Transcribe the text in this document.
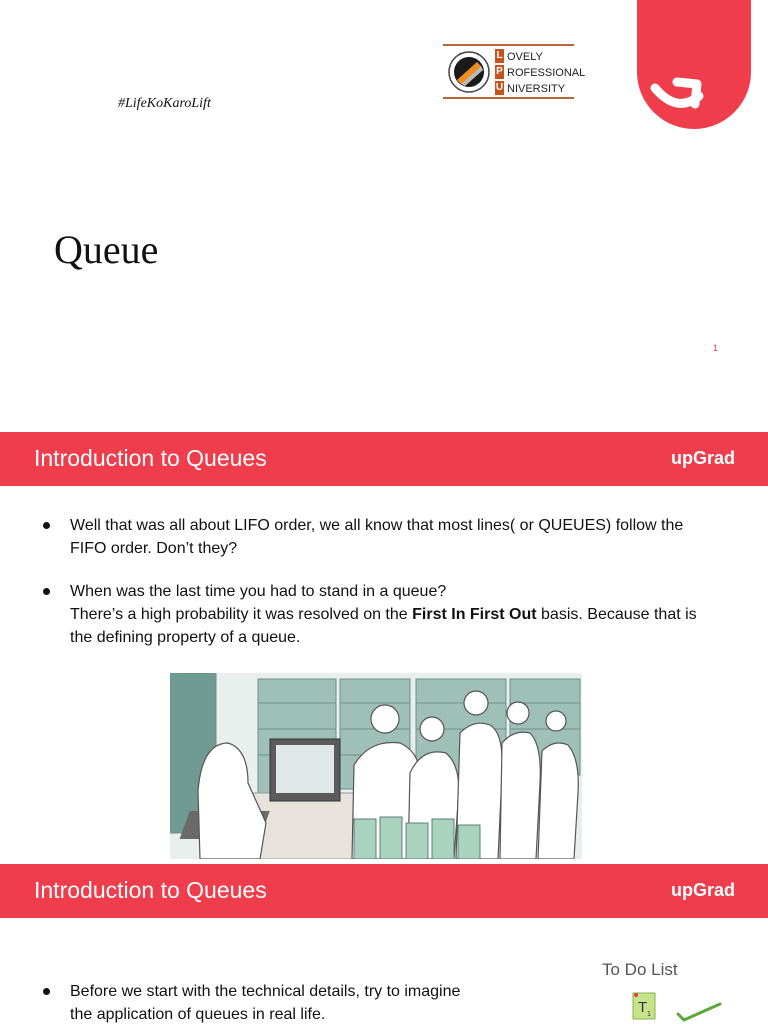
#LifeKoKaroLift
L
P
U
OVELY
ROFESSIONAL
NIVERSITY
Queue
1
Introduction to Queues	upGrad
Well that was all about LIFO order, we all know that most lines( or QUEUES) follow the
FIFO order. Don’t they?
When was the last time you had to stand in a queue?
There’s a high probability it was resolved on the First In First Out basis. Because that is
the defining property of a queue.
Introduction to Queues	upGrad
Before we start with the technical details, try to imagine
the application of queues in real life.
To Do List
T 1
